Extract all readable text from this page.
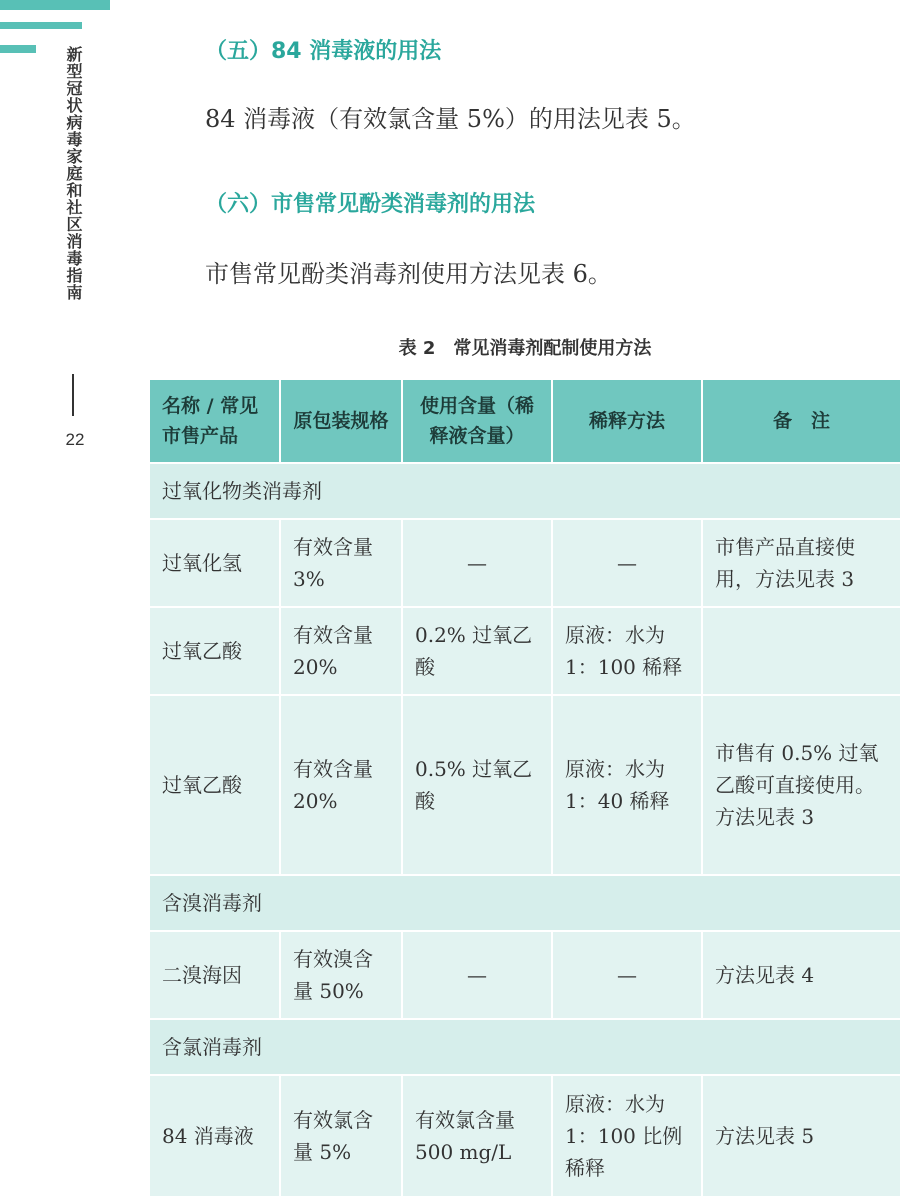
新型冠状病毒家庭和社区消毒指南
22
（五）84 消毒液的用法
84 消毒液（有效氯含量 5%）的用法见表 5。
（六）市售常见酚类消毒剂的用法
市售常见酚类消毒剂使用方法见表 6。
表 2　常见消毒剂配制使用方法
名称 / 常见市售产品	原包装规格	使用含量（稀释液含量）	稀释方法	备　注
过氧化物类消毒剂				
过氧化氢	有效含量 3%	—	—	市售产品直接使用，方法见表 3
过氧乙酸	有效含量 20%	0.2% 过氧乙酸	原液：水为 1：100 稀释	
过氧乙酸	有效含量 20%	0.5% 过氧乙酸	原液：水为 1：40 稀释	市售有 0.5% 过氧乙酸可直接使用。方法见表 3
含溴消毒剂				
二溴海因	有效溴含量 50%	—	—	方法见表 4
含氯消毒剂				
84 消毒液	有效氯含量 5%	有效氯含量 500 mg/L	原液：水为 1：100 比例稀释	方法见表 5
